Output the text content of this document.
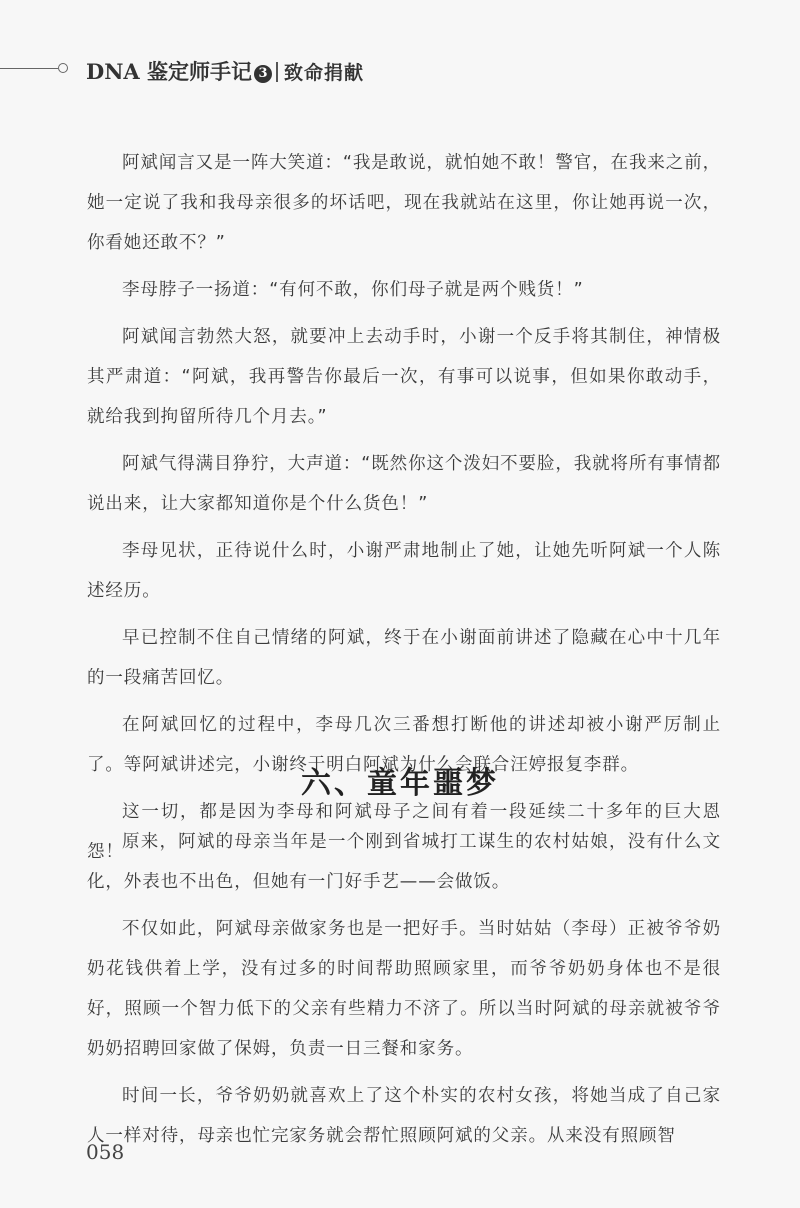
DNA 鉴定师手记 3 致命捐献

阿斌闻言又是一阵大笑道：“我是敢说，就怕她不敢！警官，在我来之前，她一定说了我和我母亲很多的坏话吧，现在我就站在这里，你让她再说一次，你看她还敢不？”

李母脖子一扬道：“有何不敢，你们母子就是两个贱货！”

阿斌闻言勃然大怒，就要冲上去动手时，小谢一个反手将其制住，神情极其严肃道：“阿斌，我再警告你最后一次，有事可以说事，但如果你敢动手，就给我到拘留所待几个月去。”

阿斌气得满目狰狞，大声道：“既然你这个泼妇不要脸，我就将所有事情都说出来，让大家都知道你是个什么货色！”

李母见状，正待说什么时，小谢严肃地制止了她，让她先听阿斌一个人陈述经历。

早已控制不住自己情绪的阿斌，终于在小谢面前讲述了隐藏在心中十几年的一段痛苦回忆。

在阿斌回忆的过程中，李母几次三番想打断他的讲述却被小谢严厉制止了。等阿斌讲述完，小谢终于明白阿斌为什么会联合汪婷报复李群。

这一切，都是因为李母和阿斌母子之间有着一段延续二十多年的巨大恩怨！

六、童年噩梦

原来，阿斌的母亲当年是一个刚到省城打工谋生的农村姑娘，没有什么文化，外表也不出色，但她有一门好手艺——会做饭。

不仅如此，阿斌母亲做家务也是一把好手。当时姑姑（李母）正被爷爷奶奶花钱供着上学，没有过多的时间帮助照顾家里，而爷爷奶奶身体也不是很好，照顾一个智力低下的父亲有些精力不济了。所以当时阿斌的母亲就被爷爷奶奶招聘回家做了保姆，负责一日三餐和家务。

时间一长，爷爷奶奶就喜欢上了这个朴实的农村女孩，将她当成了自己家人一样对待，母亲也忙完家务就会帮忙照顾阿斌的父亲。从来没有照顾智

058
